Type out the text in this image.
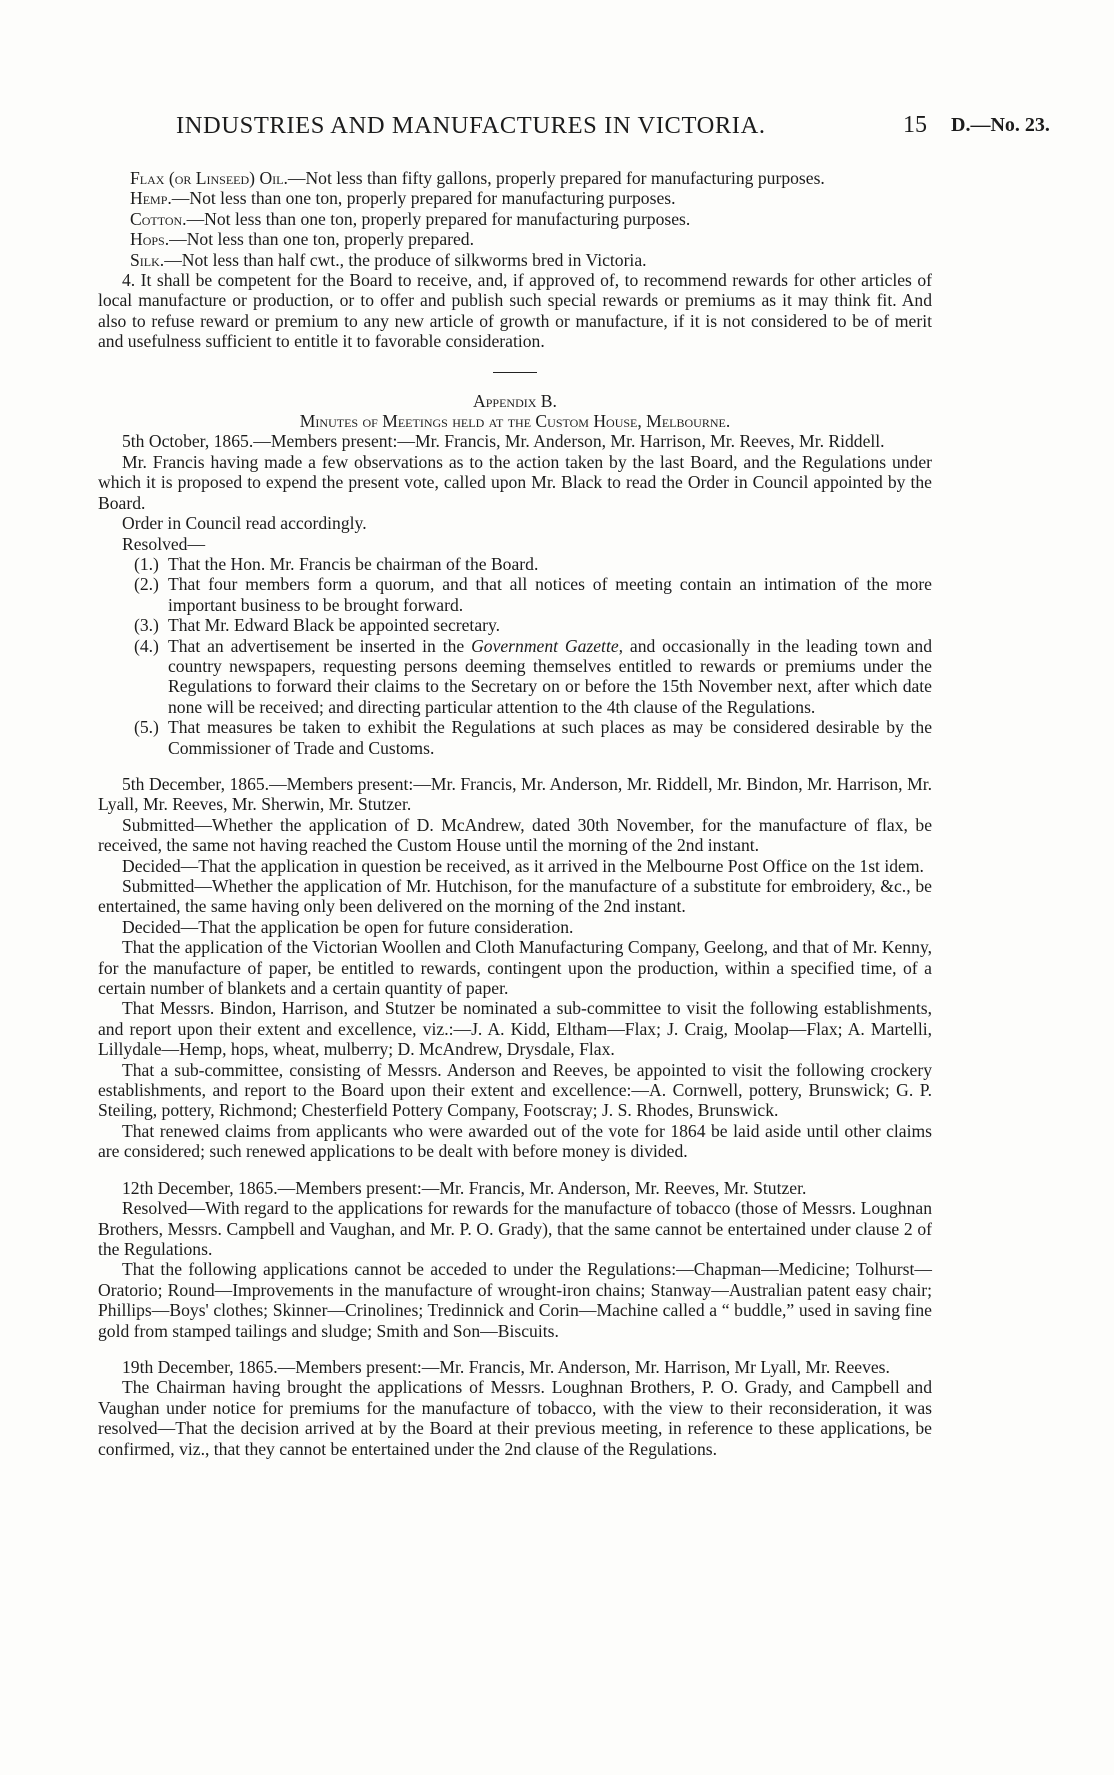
INDUSTRIES AND MANUFACTURES IN VICTORIA.	15 D.—No. 23.

Flax (or Linseed) Oil.—Not less than fifty gallons, properly prepared for manufacturing purposes.

Hemp.—Not less than one ton, properly prepared for manufacturing purposes.

Cotton.—Not less than one ton, properly prepared for manufacturing purposes.

Hops.—Not less than one ton, properly prepared.

Silk.—Not less than half cwt., the produce of silkworms bred in Victoria.

4. It shall be competent for the Board to receive, and, if approved of, to recommend rewards for other articles of local manufacture or production, or to offer and publish such special rewards or premiums as it may think fit. And also to refuse reward or premium to any new article of growth or manufacture, if it is not considered to be of merit and usefulness sufficient to entitle it to favorable consideration.

Appendix B.

Minutes of Meetings held at the Custom House, Melbourne.

5th October, 1865.—Members present:—Mr. Francis, Mr. Anderson, Mr. Harrison, Mr. Reeves, Mr. Riddell.

Mr. Francis having made a few observations as to the action taken by the last Board, and the Regulations under which it is proposed to expend the present vote, called upon Mr. Black to read the Order in Council appointed by the Board.

Order in Council read accordingly.

Resolved—

(1.) That the Hon. Mr. Francis be chairman of the Board.
(2.) That four members form a quorum, and that all notices of meeting contain an intimation of the more important business to be brought forward.
(3.) That Mr. Edward Black be appointed secretary.
(4.) That an advertisement be inserted in the Government Gazette, and occasionally in the leading town and country newspapers, requesting persons deeming themselves entitled to rewards or premiums under the Regulations to forward their claims to the Secretary on or before the 15th November next, after which date none will be received; and directing particular attention to the 4th clause of the Regulations.
(5.) That measures be taken to exhibit the Regulations at such places as may be considered desirable by the Commissioner of Trade and Customs.

5th December, 1865.—Members present:—Mr. Francis, Mr. Anderson, Mr. Riddell, Mr. Bindon, Mr. Harrison, Mr. Lyall, Mr. Reeves, Mr. Sherwin, Mr. Stutzer.

Submitted—Whether the application of D. McAndrew, dated 30th November, for the manufacture of flax, be received, the same not having reached the Custom House until the morning of the 2nd instant.

Decided—That the application in question be received, as it arrived in the Melbourne Post Office on the 1st idem.

Submitted—Whether the application of Mr. Hutchison, for the manufacture of a substitute for embroidery, &c., be entertained, the same having only been delivered on the morning of the 2nd instant.

Decided—That the application be open for future consideration.

That the application of the Victorian Woollen and Cloth Manufacturing Company, Geelong, and that of Mr. Kenny, for the manufacture of paper, be entitled to rewards, contingent upon the production, within a specified time, of a certain number of blankets and a certain quantity of paper.

That Messrs. Bindon, Harrison, and Stutzer be nominated a sub-committee to visit the following establishments, and report upon their extent and excellence, viz.:—J. A. Kidd, Eltham—Flax; J. Craig, Moolap—Flax; A. Martelli, Lillydale—Hemp, hops, wheat, mulberry; D. McAndrew, Drysdale, Flax.

That a sub-committee, consisting of Messrs. Anderson and Reeves, be appointed to visit the following crockery establishments, and report to the Board upon their extent and excellence:—A. Cornwell, pottery, Brunswick; G. P. Steiling, pottery, Richmond; Chesterfield Pottery Company, Footscray; J. S. Rhodes, Brunswick.

That renewed claims from applicants who were awarded out of the vote for 1864 be laid aside until other claims are considered; such renewed applications to be dealt with before money is divided.

12th December, 1865.—Members present:—Mr. Francis, Mr. Anderson, Mr. Reeves, Mr. Stutzer.

Resolved—With regard to the applications for rewards for the manufacture of tobacco (those of Messrs. Loughnan Brothers, Messrs. Campbell and Vaughan, and Mr. P. O. Grady), that the same cannot be entertained under clause 2 of the Regulations.

That the following applications cannot be acceded to under the Regulations:—Chapman—Medicine; Tolhurst—Oratorio; Round—Improvements in the manufacture of wrought-iron chains; Stanway—Australian patent easy chair; Phillips—Boys' clothes; Skinner—Crinolines; Tredinnick and Corin—Machine called a “ buddle,” used in saving fine gold from stamped tailings and sludge; Smith and Son—Biscuits.

19th December, 1865.—Members present:—Mr. Francis, Mr. Anderson, Mr. Harrison, Mr Lyall, Mr. Reeves.

The Chairman having brought the applications of Messrs. Loughnan Brothers, P. O. Grady, and Campbell and Vaughan under notice for premiums for the manufacture of tobacco, with the view to their reconsideration, it was resolved—That the decision arrived at by the Board at their previous meeting, in reference to these applications, be confirmed, viz., that they cannot be entertained under the 2nd clause of the Regulations.
